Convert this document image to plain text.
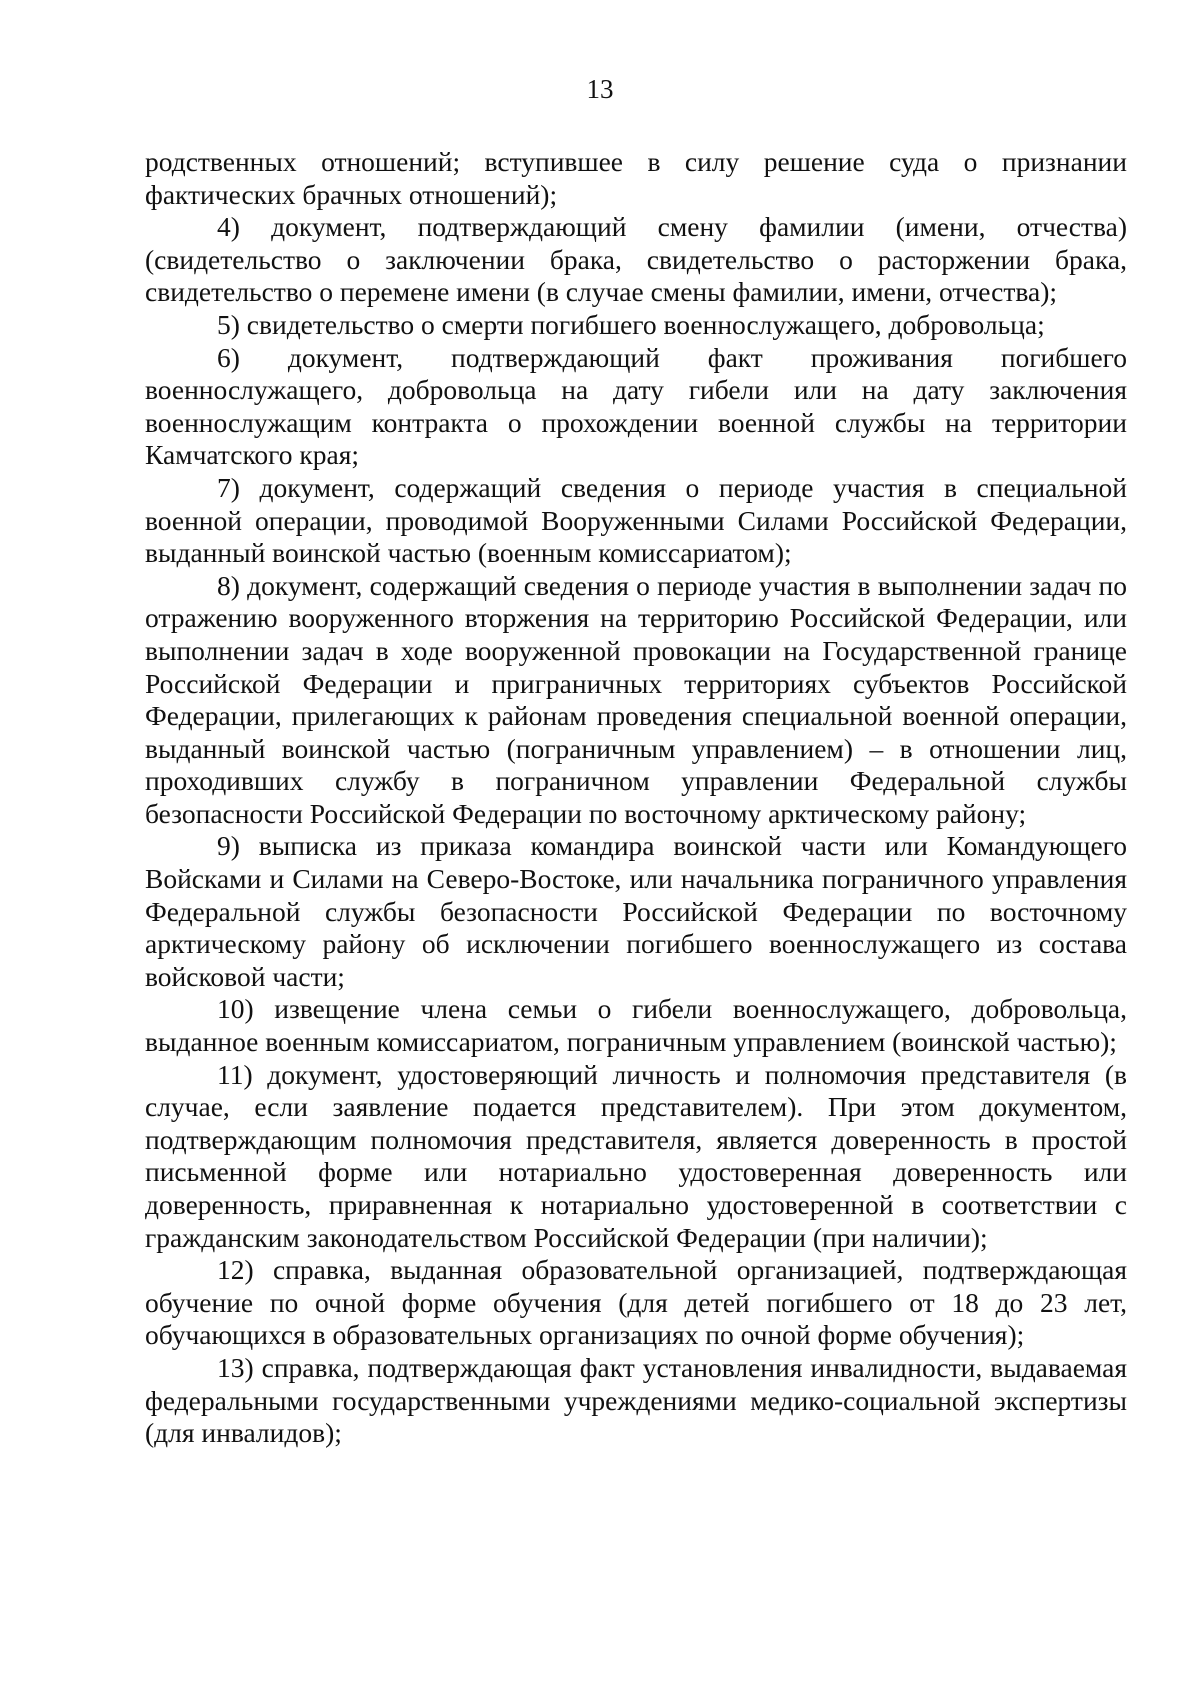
13

родственных отношений; вступившее в силу решение суда о признании фактических брачных отношений);

4) документ, подтверждающий смену фамилии (имени, отчества) (свидетельство о заключении брака, свидетельство о расторжении брака, свидетельство о перемене имени (в случае смены фамилии, имени, отчества);

5) свидетельство о смерти погибшего военнослужащего, добровольца;

6) документ, подтверждающий факт проживания погибшего военнослужащего, добровольца на дату гибели или на дату заключения военнослужащим контракта о прохождении военной службы на территории Камчатского края;

7) документ, содержащий сведения о периоде участия в специальной военной операции, проводимой Вооруженными Силами Российской Федерации, выданный воинской частью (военным комиссариатом);

8) документ, содержащий сведения о периоде участия в выполнении задач по отражению вооруженного вторжения на территорию Российской Федерации, или выполнении задач в ходе вооруженной провокации на Государственной границе Российской Федерации и приграничных территориях субъектов Российской Федерации, прилегающих к районам проведения специальной военной операции, выданный воинской частью (пограничным управлением) – в отношении лиц, проходивших службу в пограничном управлении Федеральной службы безопасности Российской Федерации по восточному арктическому району;

9) выписка из приказа командира воинской части или Командующего Войсками и Силами на Северо-Востоке, или начальника пограничного управления Федеральной службы безопасности Российской Федерации по восточному арктическому району об исключении погибшего военнослужащего из состава войсковой части;

10) извещение члена семьи о гибели военнослужащего, добровольца, выданное военным комиссариатом, пограничным управлением (воинской частью);

11) документ, удостоверяющий личность и полномочия представителя (в случае, если заявление подается представителем). При этом документом, подтверждающим полномочия представителя, является доверенность в простой письменной форме или нотариально удостоверенная доверенность или доверенность, приравненная к нотариально удостоверенной в соответствии с гражданским законодательством Российской Федерации (при наличии);

12) справка, выданная образовательной организацией, подтверждающая обучение по очной форме обучения (для детей погибшего от 18 до 23 лет, обучающихся в образовательных организациях по очной форме обучения);

13) справка, подтверждающая факт установления инвалидности, выдаваемая федеральными государственными учреждениями медико-социальной экспертизы (для инвалидов);
